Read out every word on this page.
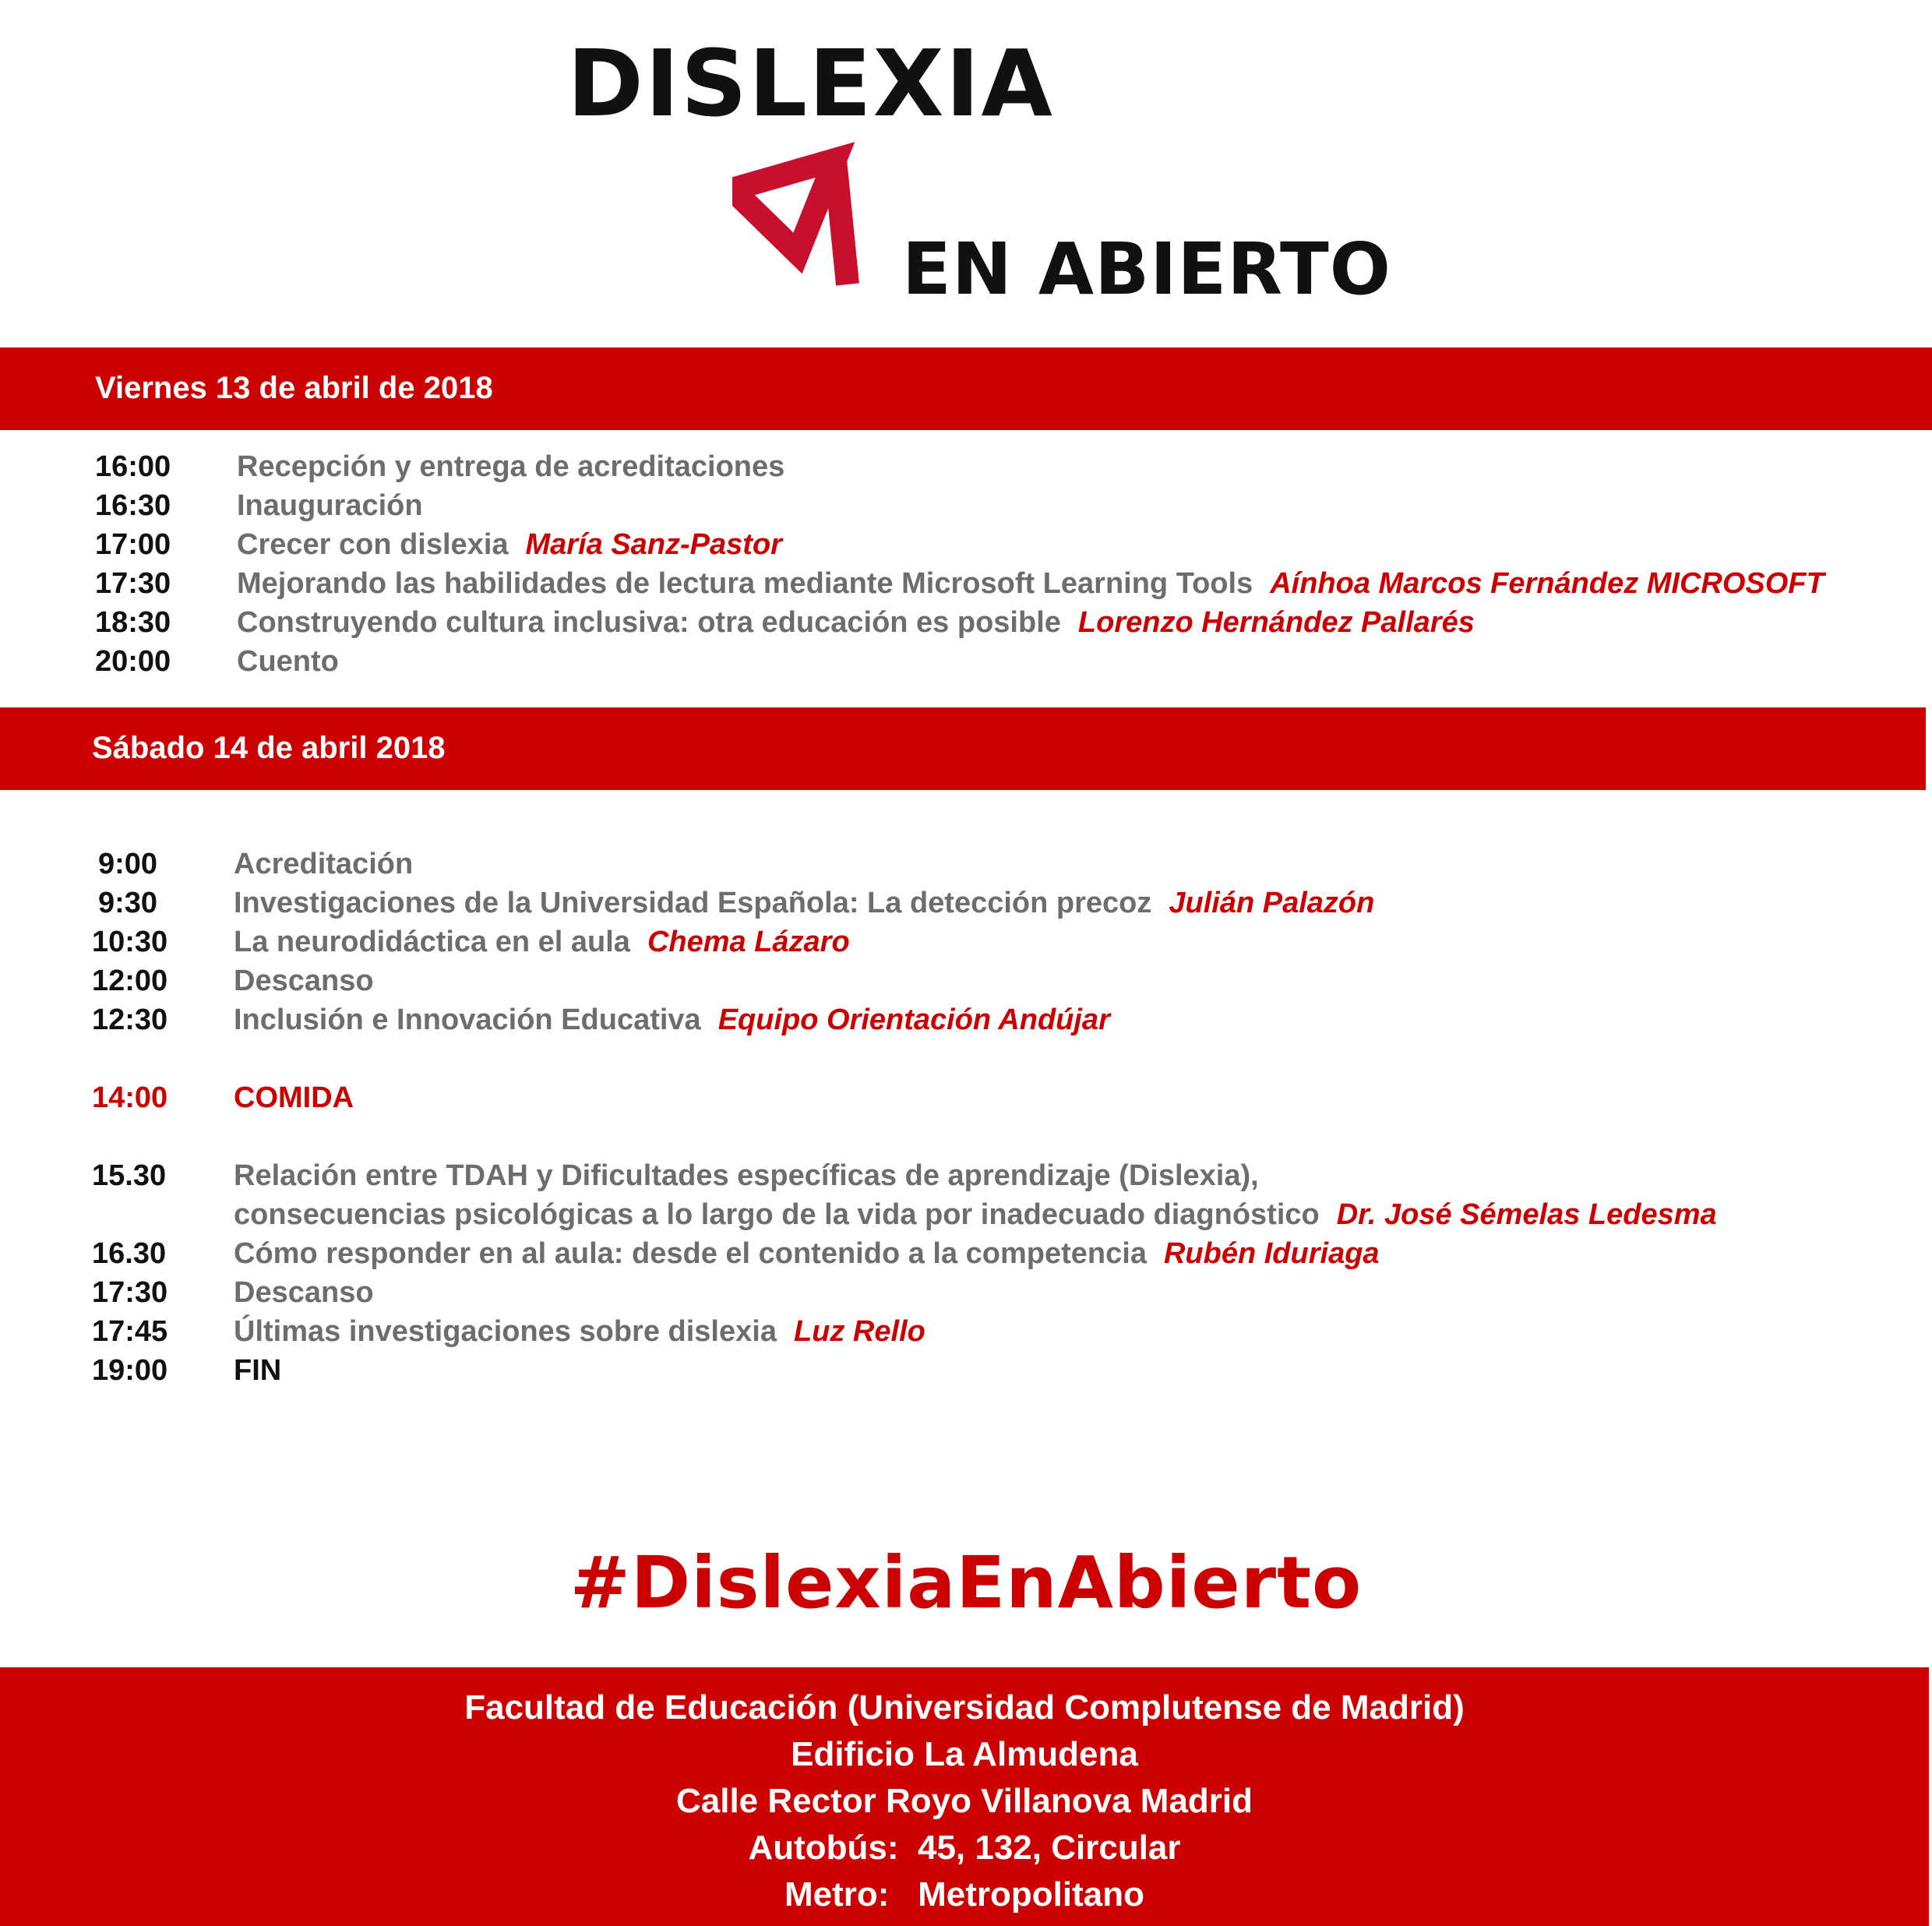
DISLEXIA
EN ABIERTO
Viernes 13 de abril de 2018
16:00 Recepción y entrega de acreditaciones
16:30 Inauguración
17:00 Crecer con dislexia María Sanz-Pastor
17:30 Mejorando las habilidades de lectura mediante Microsoft Learning Tools Aínhoa Marcos Fernández MICROSOFT
18:30 Construyendo cultura inclusiva: otra educación es posible Lorenzo Hernández Pallarés
20:00 Cuento
Sábado 14 de abril 2018
9:00	Acreditación
9:30	Investigaciones de la Universidad Española: La detección precoz Julián Palazón
10:30 La neurodidáctica en el aula Chema Lázaro
12:00 Descanso
12:30 Inclusión e Innovación Educativa Equipo Orientación Andújar
14:00 COMIDA
15.30 Relación entre TDAH y Dificultades específicas de aprendizaje (Dislexia),
consecuencias psicológicas a lo largo de la vida por inadecuado diagnóstico Dr. José Sémelas Ledesma
16.30 Cómo responder en al aula: desde el contenido a la competencia Rubén Iduriaga
17:30 Descanso
17:45 Últimas investigaciones sobre dislexia Luz Rello
19:00 FIN
#DislexiaEnAbierto
Facultad de Educación (Universidad Complutense de Madrid)
Edificio La Almudena
Calle Rector Royo Villanova Madrid
Autobús:  45, 132, Circular
Metro:   Metropolitano
